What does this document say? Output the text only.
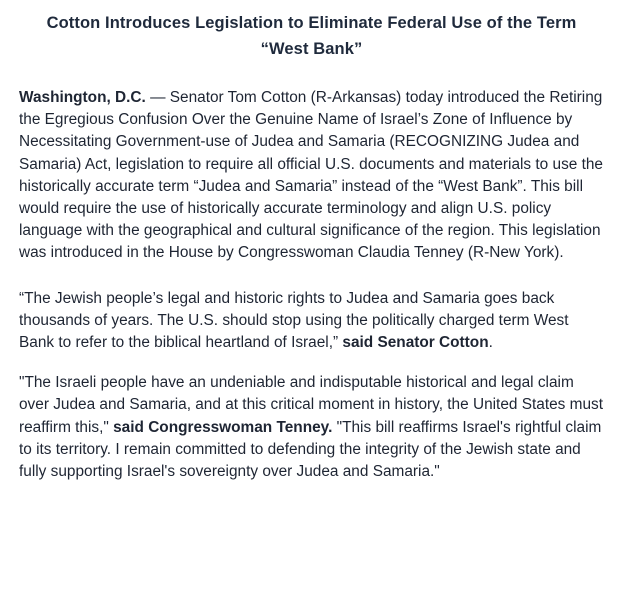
Cotton Introduces Legislation to Eliminate Federal Use of the Term
“West Bank”

Washington, D.C. — Senator Tom Cotton (R-Arkansas) today introduced the Retiring the Egregious Confusion Over the Genuine Name of Israel’s Zone of Influence by Necessitating Government-use of Judea and Samaria (RECOGNIZING Judea and Samaria) Act, legislation to require all official U.S. documents and materials to use the historically accurate term “Judea and Samaria” instead of the “West Bank”. This bill would require the use of historically accurate terminology and align U.S. policy language with the geographical and cultural significance of the region. This legislation was introduced in the House by Congresswoman Claudia Tenney (R-New York).

“The Jewish people’s legal and historic rights to Judea and Samaria goes back thousands of years. The U.S. should stop using the politically charged term West Bank to refer to the biblical heartland of Israel,” said Senator Cotton.

"The Israeli people have an undeniable and indisputable historical and legal claim over Judea and Samaria, and at this critical moment in history, the United States must reaffirm this," said Congresswoman Tenney. "This bill reaffirms Israel's rightful claim to its territory. I remain committed to defending the integrity of the Jewish state and fully supporting Israel's sovereignty over Judea and Samaria."
